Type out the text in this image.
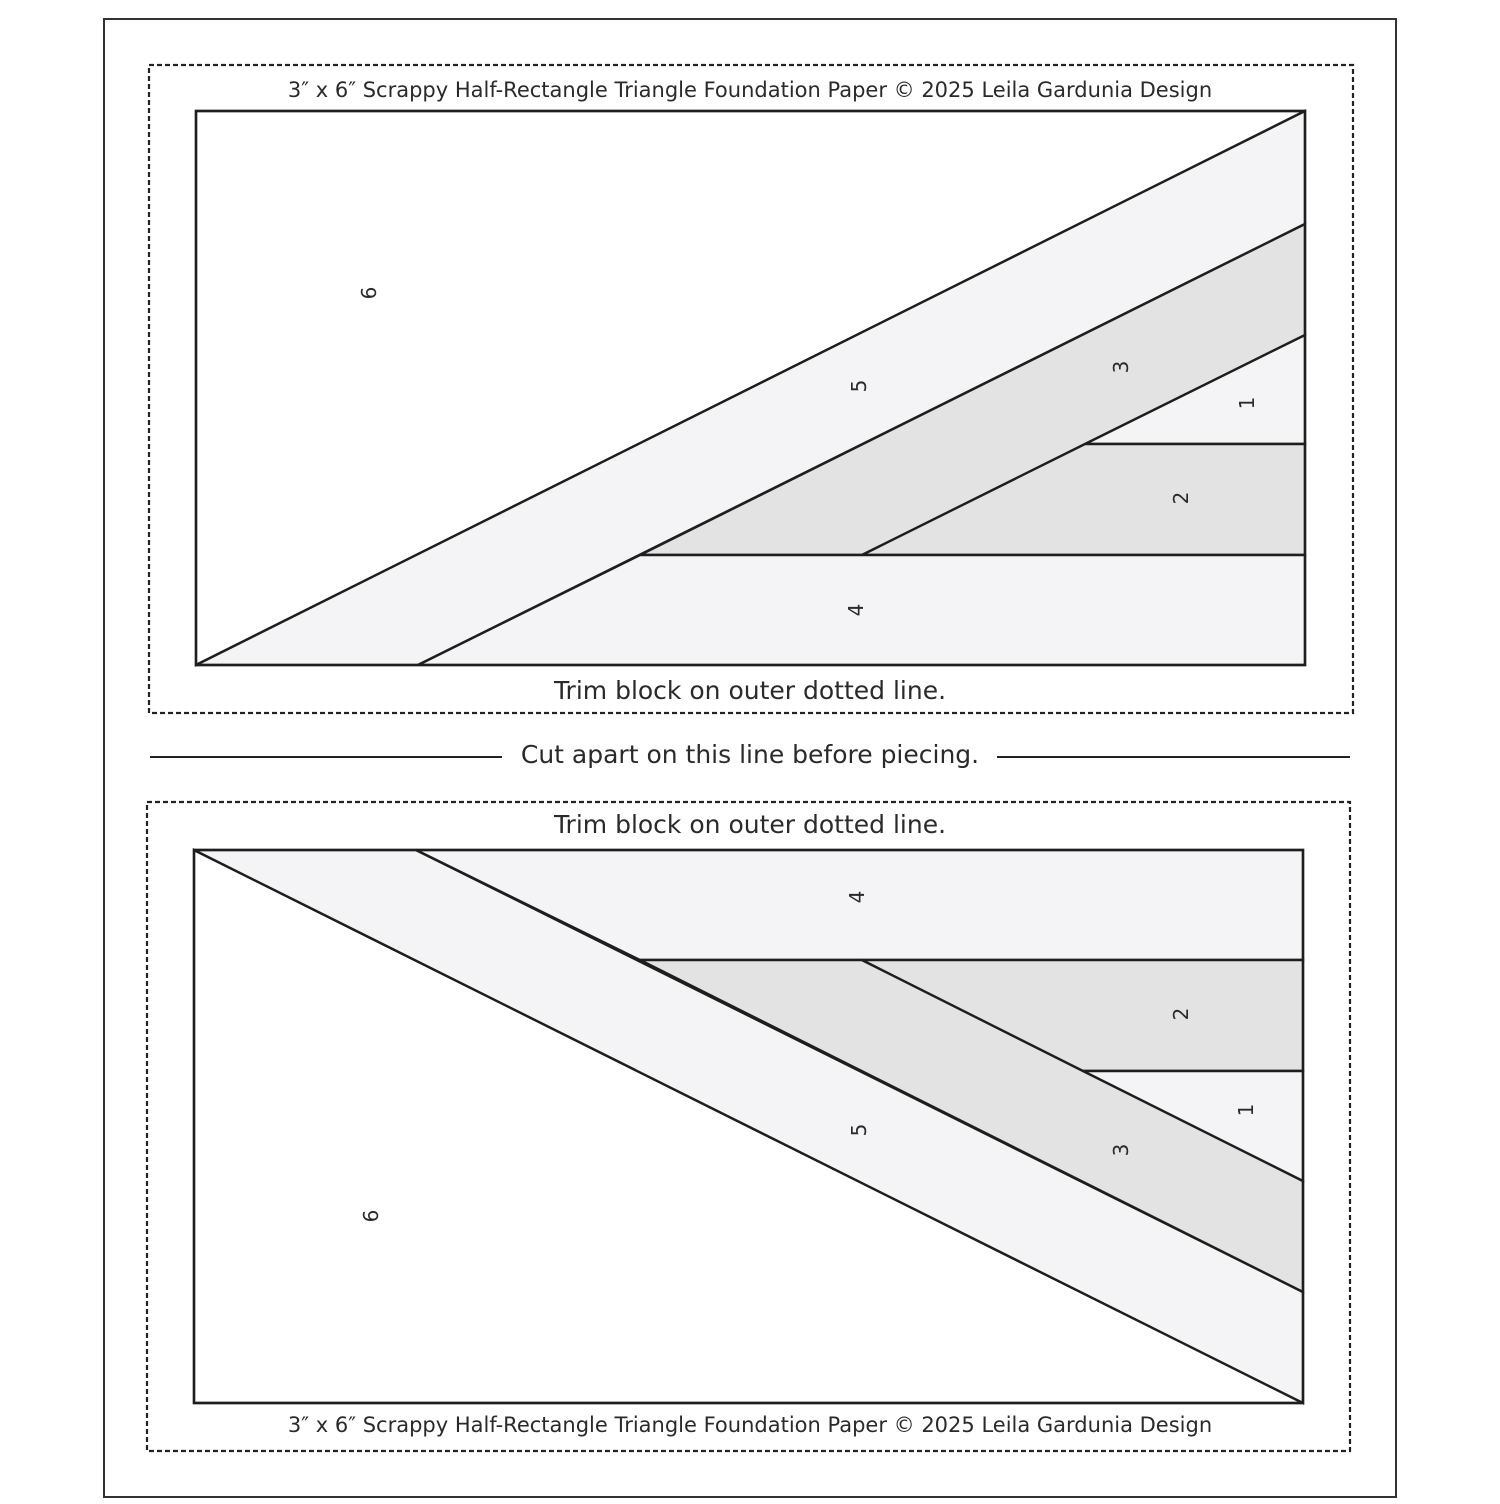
3″ x 6″ Scrappy Half-Rectangle Triangle Foundation Paper © 2025 Leila Gardunia Design
6
5
3
1
2
4
Trim block on outer dotted line.
Cut apart on this line before piecing.
Trim block on outer dotted line.
4
2
1
5
3
6
3″ x 6″ Scrappy Half-Rectangle Triangle Foundation Paper © 2025 Leila Gardunia Design
